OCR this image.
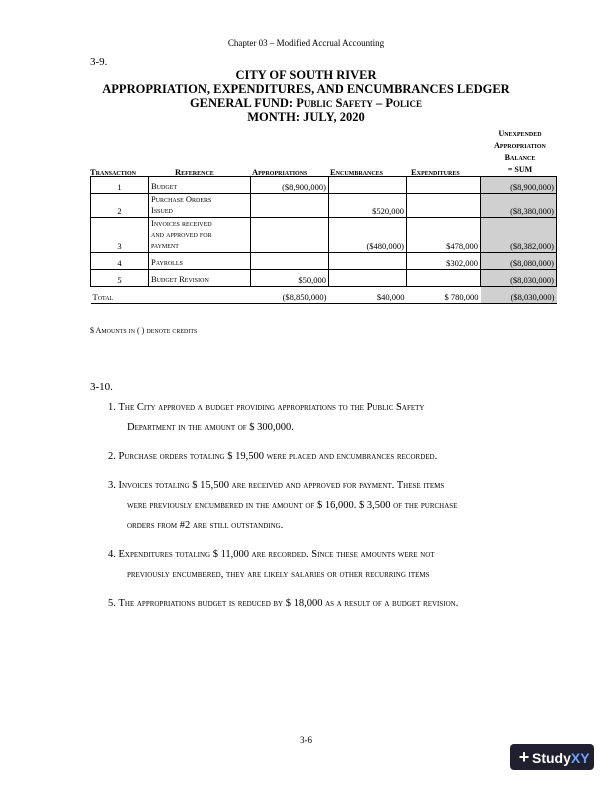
Chapter 03 – Modified Accrual Accounting
3-9.
CITY OF SOUTH RIVER
APPROPRIATION, EXPENDITURES, AND ENCUMBRANCES LEDGER
GENERAL FUND: Public Safety – Police
MONTH: JULY, 2020
Unexpended
Appropriation
Balance
= SUM
Transaction	Reference	Appropriations	Encumbrances	Expenditures
1	Budget	($8,900,000)			($8,900,000)
2	Purchase Orders
Issued		$520,000		($8,380,000)
3	Invoices received
and approved for
payment		($480,000)	$478,000	($8,382,000)
4	Payrolls			$302,000	($8,080,000)
5	Budget Revision	$50,000			($8,030,000)
Total		($8,850,000)	$40,000	$ 780,000	($8,030,000)
$ Amounts in ( ) denote credits
3-10.
1. The City approved a budget providing appropriations to the Public Safety
Department in the amount of $ 300,000.
2. Purchase orders totaling $ 19,500 were placed and encumbrances recorded.
3. Invoices totaling $ 15,500 are received and approved for payment. These items
were previously encumbered in the amount of $ 16,000. $ 3,500 of the purchase
orders from #2 are still outstanding.
4. Expenditures totaling $ 11,000 are recorded. Since these amounts were not
previously encumbered, they are likely salaries or other recurring items
5. The appropriations budget is reduced by $ 18,000 as a result of a budget revision.
3-6
+ StudyXY
